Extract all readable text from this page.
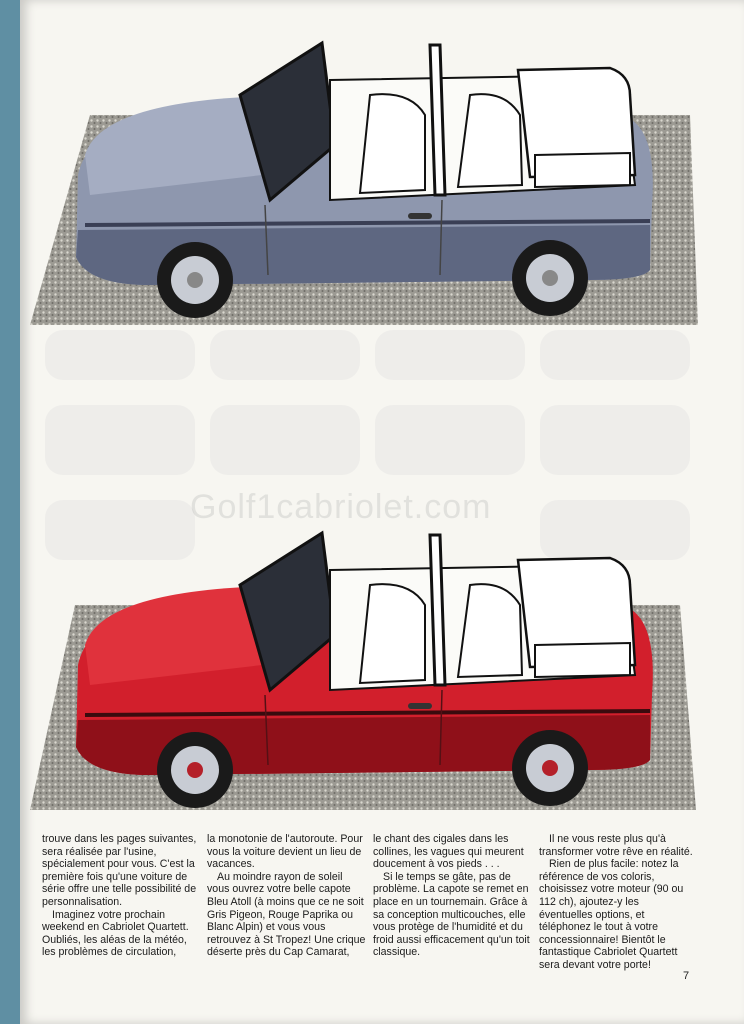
Golf1cabriolet.com

trouve dans les pages suivantes, sera réalisée par l'usine, spécialement pour vous. C'est la première fois qu'une voiture de série offre une telle possibilité de personnalisation.

Imaginez votre prochain weekend en Cabriolet Quartett. Oubliés, les aléas de la météo, les problèmes de circulation,

la monotonie de l'autoroute. Pour vous la voiture devient un lieu de vacances.

Au moindre rayon de soleil vous ouvrez votre belle capote Bleu Atoll (à moins que ce ne soit Gris Pigeon, Rouge Paprika ou Blanc Alpin) et vous vous retrouvez à St Tropez! Une crique déserte près du Cap Camarat,

le chant des cigales dans les collines, les vagues qui meurent doucement à vos pieds . . .

Si le temps se gâte, pas de problème. La capote se remet en place en un tournemain. Grâce à sa conception multicouches, elle vous protège de l'humidité et du froid aussi efficacement qu'un toit classique.

Il ne vous reste plus qu'à transformer votre rêve en réalité.

Rien de plus facile: notez la référence de vos coloris, choisissez votre moteur (90 ou 112 ch), ajoutez-y les éventuelles options, et téléphonez le tout à votre concessionnaire! Bientôt le fantastique Cabriolet Quartett sera devant votre porte!

7
